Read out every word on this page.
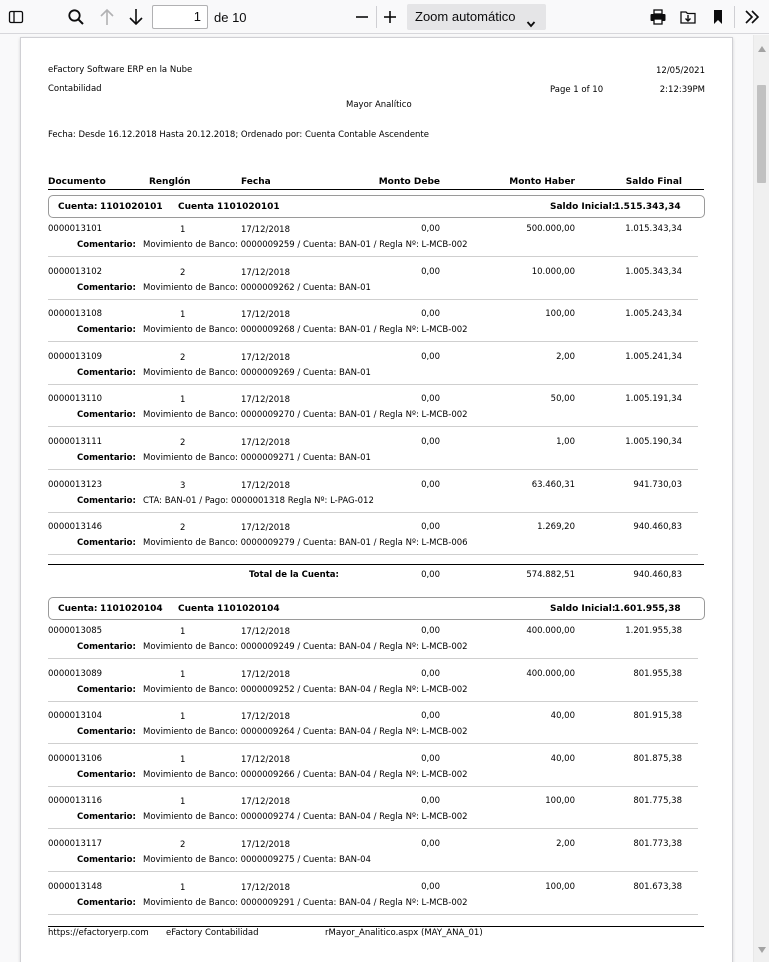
1	de 10	Zoom automático
eFactory Software ERP en la Nube	12/05/2021
Contabilidad	Page 1 of 10	2:12:39PM
Mayor Analítico
Fecha: Desde 16.12.2018 Hasta 20.12.2018; Ordenado por: Cuenta Contable Ascendente
Documento	Renglón	Fecha	Monto Debe	Monto Haber	Saldo Final
Cuenta: 1101020101 Cuenta 1101020101	Saldo Inicial:
1.515.343,34
0000013101	1	17/12/2018	0,00	500.000,00	1.015.343,34
Comentario: Movimiento de Banco: 0000009259 / Cuenta: BAN-01 / Regla Nº: L-MCB-002
0000013102	2	17/12/2018	0,00	10.000,00	1.005.343,34
Comentario: Movimiento de Banco: 0000009262 / Cuenta: BAN-01
0000013108	1	17/12/2018	0,00	100,00	1.005.243,34
Comentario: Movimiento de Banco: 0000009268 / Cuenta: BAN-01 / Regla Nº: L-MCB-002
0000013109	2	17/12/2018	0,00	2,00	1.005.241,34
Comentario: Movimiento de Banco: 0000009269 / Cuenta: BAN-01
0000013110	1	17/12/2018	0,00	50,00	1.005.191,34
Comentario: Movimiento de Banco: 0000009270 / Cuenta: BAN-01 / Regla Nº: L-MCB-002
0000013111	2	17/12/2018	0,00	1,00	1.005.190,34
Comentario: Movimiento de Banco: 0000009271 / Cuenta: BAN-01
0000013123	3	17/12/2018	0,00	63.460,31	941.730,03
Comentario: CTA: BAN-01 / Pago: 0000001318 Regla Nº: L-PAG-012
0000013146	2	17/12/2018	0,00	1.269,20	940.460,83
Comentario: Movimiento de Banco: 0000009279 / Cuenta: BAN-01 / Regla Nº: L-MCB-006
Total de la Cuenta:	0,00	574.882,51	940.460,83
Cuenta: 1101020104 Cuenta 1101020104	Saldo Inicial:
1.601.955,38
0000013085	1	17/12/2018	0,00	400.000,00	1.201.955,38
Comentario: Movimiento de Banco: 0000009249 / Cuenta: BAN-04 / Regla Nº: L-MCB-002
0000013089	1	17/12/2018	0,00	400.000,00	801.955,38
Comentario: Movimiento de Banco: 0000009252 / Cuenta: BAN-04 / Regla Nº: L-MCB-002
0000013104	1	17/12/2018	0,00	40,00	801.915,38
Comentario: Movimiento de Banco: 0000009264 / Cuenta: BAN-04 / Regla Nº: L-MCB-002
0000013106	1	17/12/2018	0,00	40,00	801.875,38
Comentario: Movimiento de Banco: 0000009266 / Cuenta: BAN-04 / Regla Nº: L-MCB-002
0000013116	1	17/12/2018	0,00	100,00	801.775,38
Comentario: Movimiento de Banco: 0000009274 / Cuenta: BAN-04 / Regla Nº: L-MCB-002
0000013117	2	17/12/2018	0,00	2,00	801.773,38
Comentario: Movimiento de Banco: 0000009275 / Cuenta: BAN-04
0000013148	1	17/12/2018	0,00	100,00	801.673,38
Comentario: Movimiento de Banco: 0000009291 / Cuenta: BAN-04 / Regla Nº: L-MCB-002
https://efactoryerp.com eFactory Contabilidad	rMayor_Analitico.aspx (MAY_ANA_01)
